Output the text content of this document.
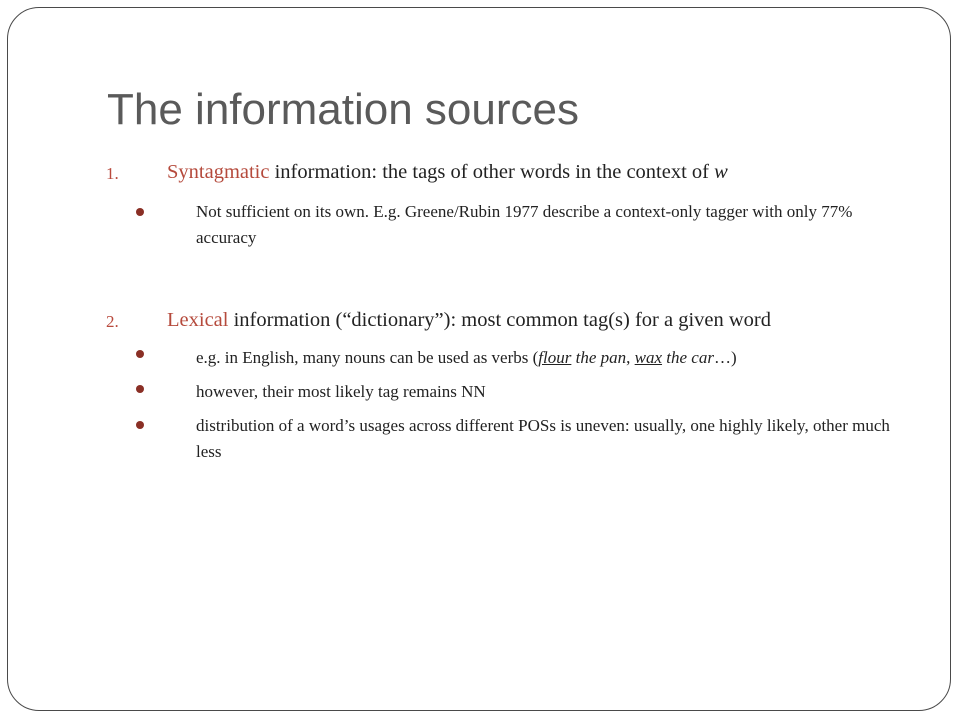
The information sources
1.	Syntagmatic information: the tags of other words in the context of w
Not sufficient on its own. E.g. Greene/Rubin 1977 describe a context-only tagger with only 77% accuracy
2.	Lexical information (“dictionary”): most common tag(s) for a given word
e.g. in English, many nouns can be used as verbs (flour the pan, wax the car…)
however, their most likely tag remains NN
distribution of a word’s usages across different POSs is uneven: usually, one highly likely, other much less
